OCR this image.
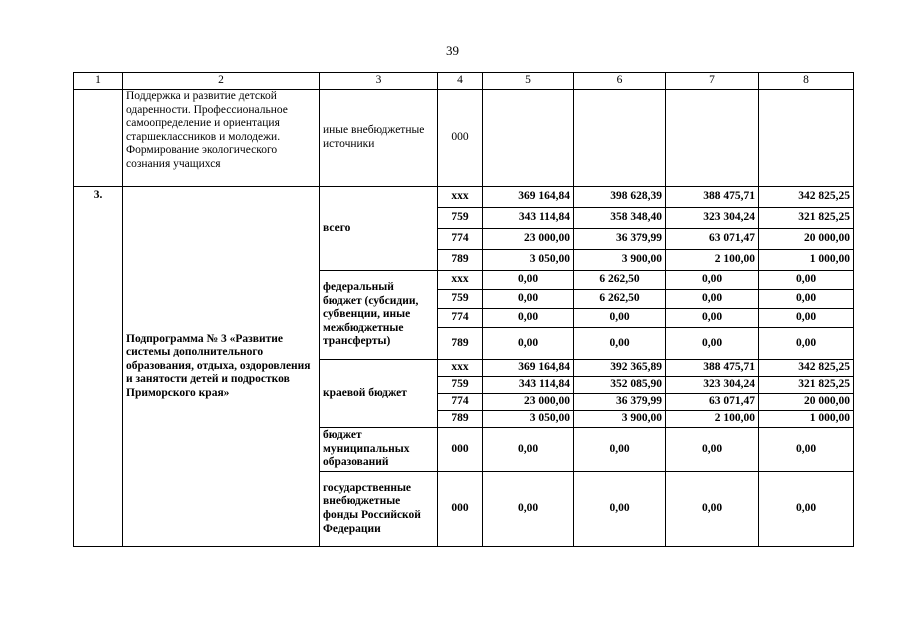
39
1	2	3	4	5	6	7	8
	Поддержка и развитие детской одаренности. Профессиональное самоопределение и ориентация старшеклассников и молодежи. Формирование экологического сознания учащихся	иные внебюджетные источники	000				
3.	Подпрограмма № 3 «Развитие системы дополнительного образования, отдыха, оздоровления и занятости детей и подростков Приморского края»	всего	xxx	369 164,84	398 628,39	388 475,71	342 825,25
			759	343 114,84	358 348,40	323 304,24	321 825,25
			774	23 000,00	36 379,99	63 071,47	20 000,00
			789	3 050,00	3 900,00	2 100,00	1 000,00
		федеральный бюджет (субсидии, субвенции, иные межбюджетные трансферты)	xxx	0,00	6 262,50	0,00	0,00
			759	0,00	6 262,50	0,00	0,00
			774	0,00	0,00	0,00	0,00
			789	0,00	0,00	0,00	0,00
		краевой бюджет	xxx	369 164,84	392 365,89	388 475,71	342 825,25
			759	343 114,84	352 085,90	323 304,24	321 825,25
			774	23 000,00	36 379,99	63 071,47	20 000,00
			789	3 050,00	3 900,00	2 100,00	1 000,00
		бюджет муниципальных образований	000	0,00	0,00	0,00	0,00
		государственные внебюджетные фонды Российской Федерации	000	0,00	0,00	0,00	0,00
